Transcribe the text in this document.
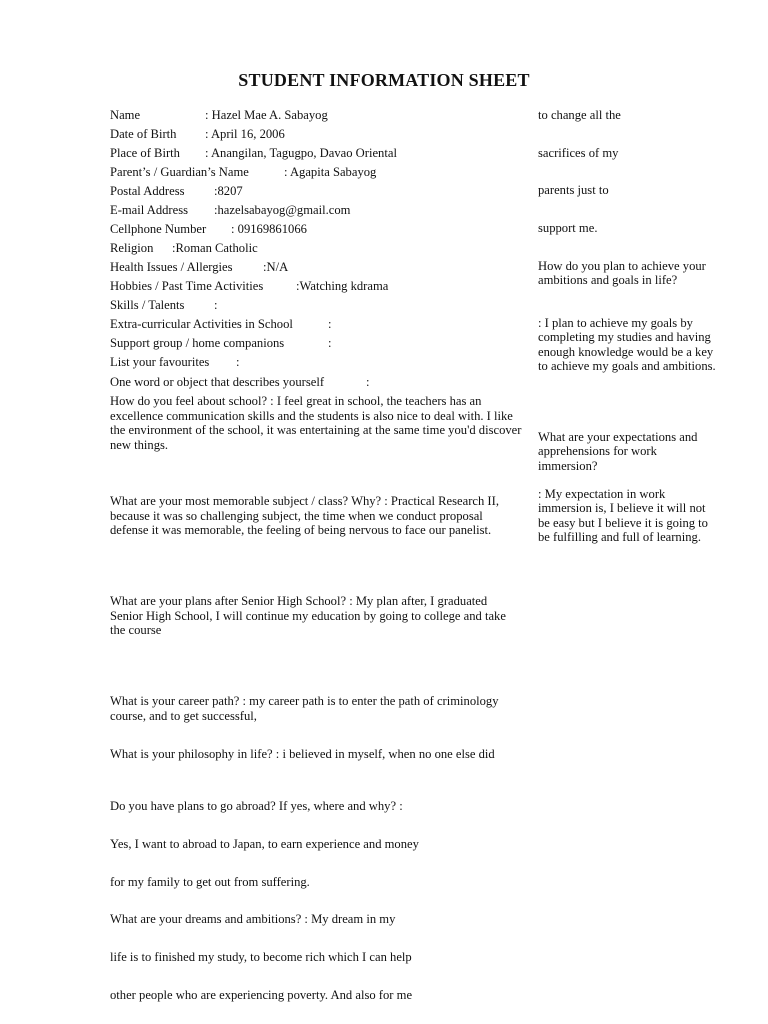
STUDENT INFORMATION SHEET
Name	: Hazel Mae A. Sabayog
Date of Birth : April 16, 2006
Place of Birth : Anangilan, Tagugpo, Davao Oriental
Parent’s / Guardian’s Name	: Agapita Sabayog
Postal Address :8207
E-mail Address :hazelsabayog@gmail.com
Cellphone Number : 09169861066
Religion :Roman Catholic
Health Issues / Allergies :N/A
Hobbies / Past Time Activities	:Watching kdrama
Skills / Talents :
Extra-curricular Activities in School	:
Support group / home companions	:
List your favourites :
One word or object that describes yourself	:
How do you feel about school? : I feel great in school, the teachers has an excellence communication skills and the students is also nice to deal with. I like the environment of the school, it was entertaining at the same time you'd discover new things.
What are your most memorable subject / class? Why? : Practical Research II, because it was so challenging subject, the time when we conduct proposal defense it was memorable, the feeling of being nervous to face our panelist.
What are your plans after Senior High School? : My plan after, I graduated Senior High School, I will continue my education by going to college and take the course
What is your career path? : my career path is to enter the path of criminology course, and to get successful,
What is your philosophy in life? : i believed in myself, when no one else did
Do you have plans to go abroad? If yes, where and why? :
Yes, I want to abroad to Japan, to earn experience and money
for my family to get out from suffering.
What are your dreams and ambitions? : My dream in my
life is to finished my study, to become rich which I can help
other people who are experiencing poverty. And also for me
to change all the
sacrifices of my
parents just to
support me.
How do you plan to achieve your ambitions and goals in life?
: I plan to achieve my goals by completing my studies and having enough knowledge would be a key to achieve my goals and ambitions.
What are your expectations and apprehensions for work immersion?
: My expectation in work immersion is, I believe it will not be easy but I believe it is going to be fulfilling and full of learning.
